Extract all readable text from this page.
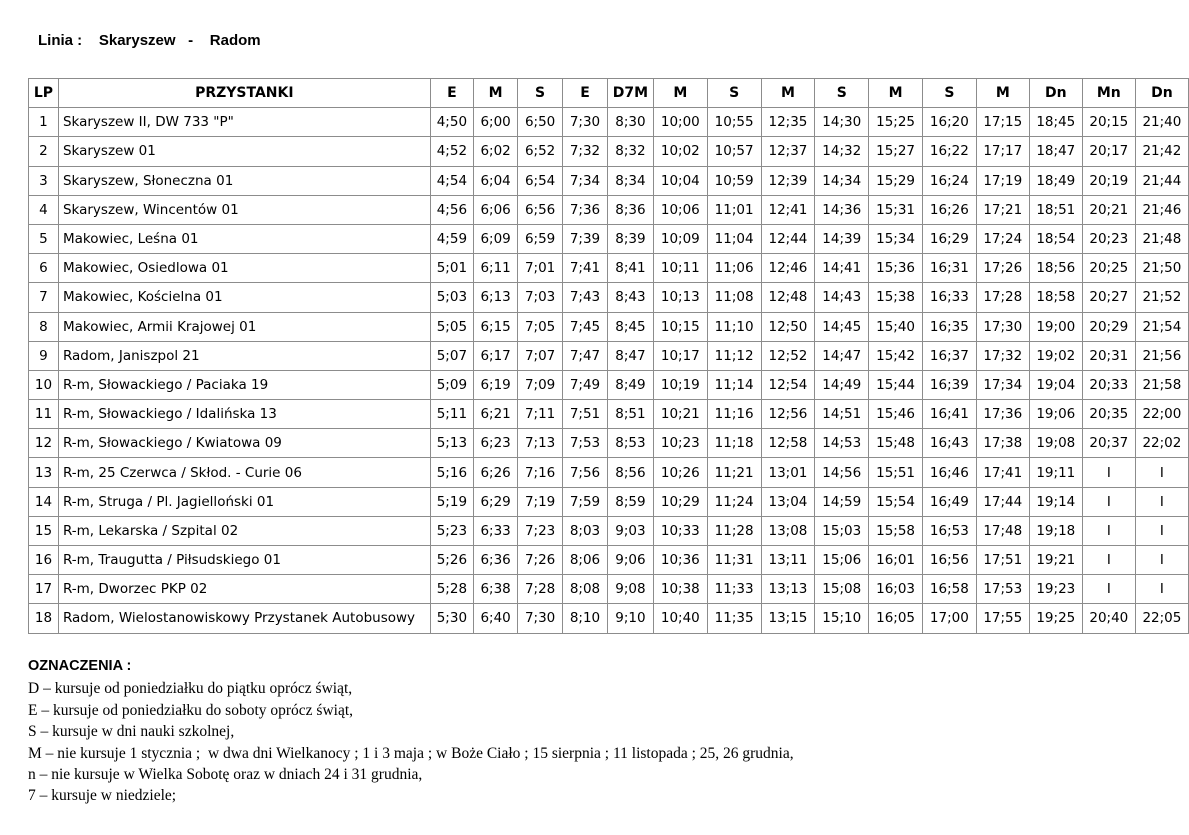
Linia : Skaryszew - Radom
LP	PRZYSTANKI	E	M	S	E	D7M	M	S	M	S	M	S	M	Dn	Mn	Dn
1	Skaryszew II, DW 733 "P"	4;50	6;00	6;50	7;30	8;30	10;00	10;55	12;35	14;30	15;25	16;20	17;15	18;45	20;15	21;40
2	Skaryszew 01	4;52	6;02	6;52	7;32	8;32	10;02	10;57	12;37	14;32	15;27	16;22	17;17	18;47	20;17	21;42
3	Skaryszew, Słoneczna 01	4;54	6;04	6;54	7;34	8;34	10;04	10;59	12;39	14;34	15;29	16;24	17;19	18;49	20;19	21;44
4	Skaryszew, Wincentów 01	4;56	6;06	6;56	7;36	8;36	10;06	11;01	12;41	14;36	15;31	16;26	17;21	18;51	20;21	21;46
5	Makowiec, Leśna 01	4;59	6;09	6;59	7;39	8;39	10;09	11;04	12;44	14;39	15;34	16;29	17;24	18;54	20;23	21;48
6	Makowiec, Osiedlowa 01	5;01	6;11	7;01	7;41	8;41	10;11	11;06	12;46	14;41	15;36	16;31	17;26	18;56	20;25	21;50
7	Makowiec, Kościelna 01	5;03	6;13	7;03	7;43	8;43	10;13	11;08	12;48	14;43	15;38	16;33	17;28	18;58	20;27	21;52
8	Makowiec, Armii Krajowej 01	5;05	6;15	7;05	7;45	8;45	10;15	11;10	12;50	14;45	15;40	16;35	17;30	19;00	20;29	21;54
9	Radom, Janiszpol 21	5;07	6;17	7;07	7;47	8;47	10;17	11;12	12;52	14;47	15;42	16;37	17;32	19;02	20;31	21;56
10	R-m, Słowackiego / Paciaka 19	5;09	6;19	7;09	7;49	8;49	10;19	11;14	12;54	14;49	15;44	16;39	17;34	19;04	20;33	21;58
11	R-m, Słowackiego / Idalińska 13	5;11	6;21	7;11	7;51	8;51	10;21	11;16	12;56	14;51	15;46	16;41	17;36	19;06	20;35	22;00
12	R-m, Słowackiego / Kwiatowa 09	5;13	6;23	7;13	7;53	8;53	10;23	11;18	12;58	14;53	15;48	16;43	17;38	19;08	20;37	22;02
13	R-m, 25 Czerwca / Skłod. - Curie 06	5;16	6;26	7;16	7;56	8;56	10;26	11;21	13;01	14;56	15;51	16;46	17;41	19;11	I	I
14	R-m, Struga / Pl. Jagielloński 01	5;19	6;29	7;19	7;59	8;59	10;29	11;24	13;04	14;59	15;54	16;49	17;44	19;14	I	I
15	R-m, Lekarska / Szpital 02	5;23	6;33	7;23	8;03	9;03	10;33	11;28	13;08	15;03	15;58	16;53	17;48	19;18	I	I
16	R-m, Traugutta / Piłsudskiego 01	5;26	6;36	7;26	8;06	9;06	10;36	11;31	13;11	15;06	16;01	16;56	17;51	19;21	I	I
17	R-m, Dworzec PKP 02	5;28	6;38	7;28	8;08	9;08	10;38	11;33	13;13	15;08	16;03	16;58	17;53	19;23	I	I
18	Radom, Wielostanowiskowy Przystanek Autobusowy	5;30	6;40	7;30	8;10	9;10	10;40	11;35	13;15	15;10	16;05	17;00	17;55	19;25	20;40	22;05
OZNACZENIA :
D – kursuje od poniedziałku do piątku oprócz świąt,
E – kursuje od poniedziałku do soboty oprócz świąt,
S – kursuje w dni nauki szkolnej,
M – nie kursuje 1 stycznia ;  w dwa dni Wielkanocy ; 1 i 3 maja ; w Boże Ciało ; 15 sierpnia ; 11 listopada ; 25, 26 grudnia,
n – nie kursuje w Wielka Sobotę oraz w dniach 24 i 31 grudnia,
7 – kursuje w niedziele;
